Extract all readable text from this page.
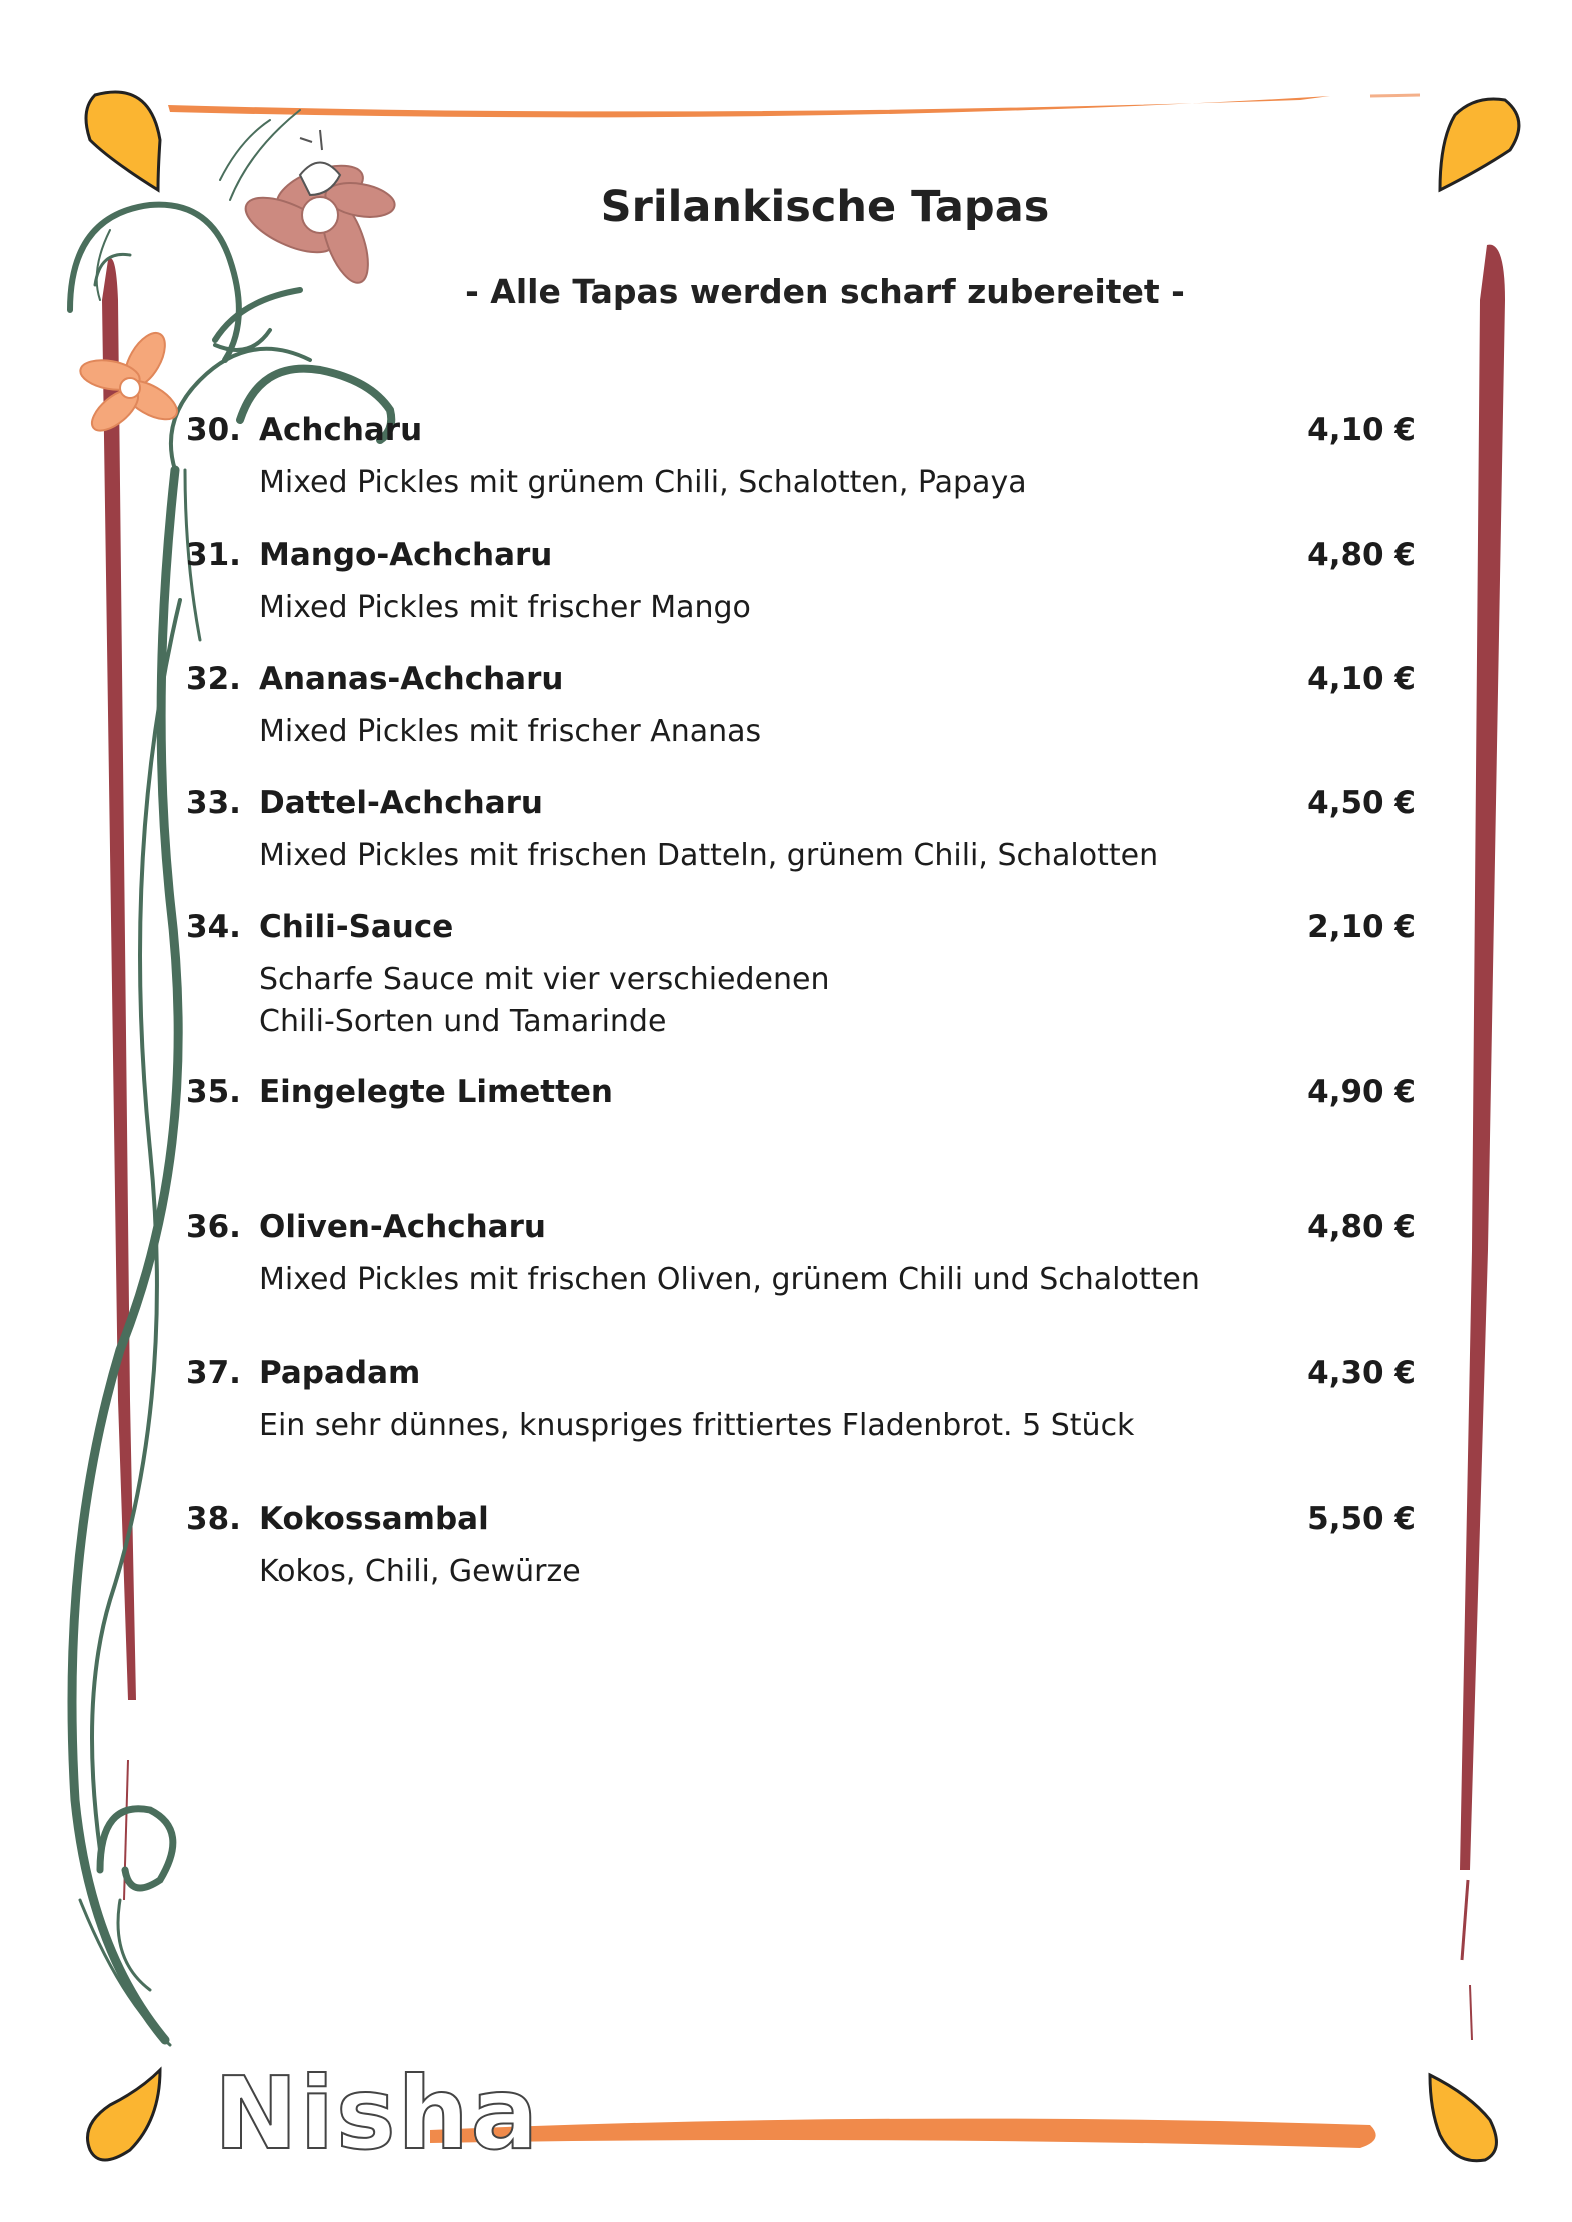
Srilankische Tapas
- Alle Tapas werden scharf zubereitet -
30. Achcharu	4,10 €
Mixed Pickles mit grünem Chili, Schalotten, Papaya
31. Mango-Achcharu	4,80 €
Mixed Pickles mit frischer Mango
32. Ananas-Achcharu	4,10 €
Mixed Pickles mit frischer Ananas
33. Dattel-Achcharu	4,50 €
Mixed Pickles mit frischen Datteln, grünem Chili, Schalotten
34. Chili-Sauce	2,10 €
Scharfe Sauce mit vier verschiedenen
Chili-Sorten und Tamarinde
35. Eingelegte Limetten	4,90 €
36. Oliven-Achcharu	4,80 €
Mixed Pickles mit frischen Oliven, grünem Chili und Schalotten
37. Papadam	4,30 €
Ein sehr dünnes, knuspriges frittiertes Fladenbrot. 5 Stück
38. Kokossambal	5,50 €
Kokos, Chili, Gewürze
Nisha
